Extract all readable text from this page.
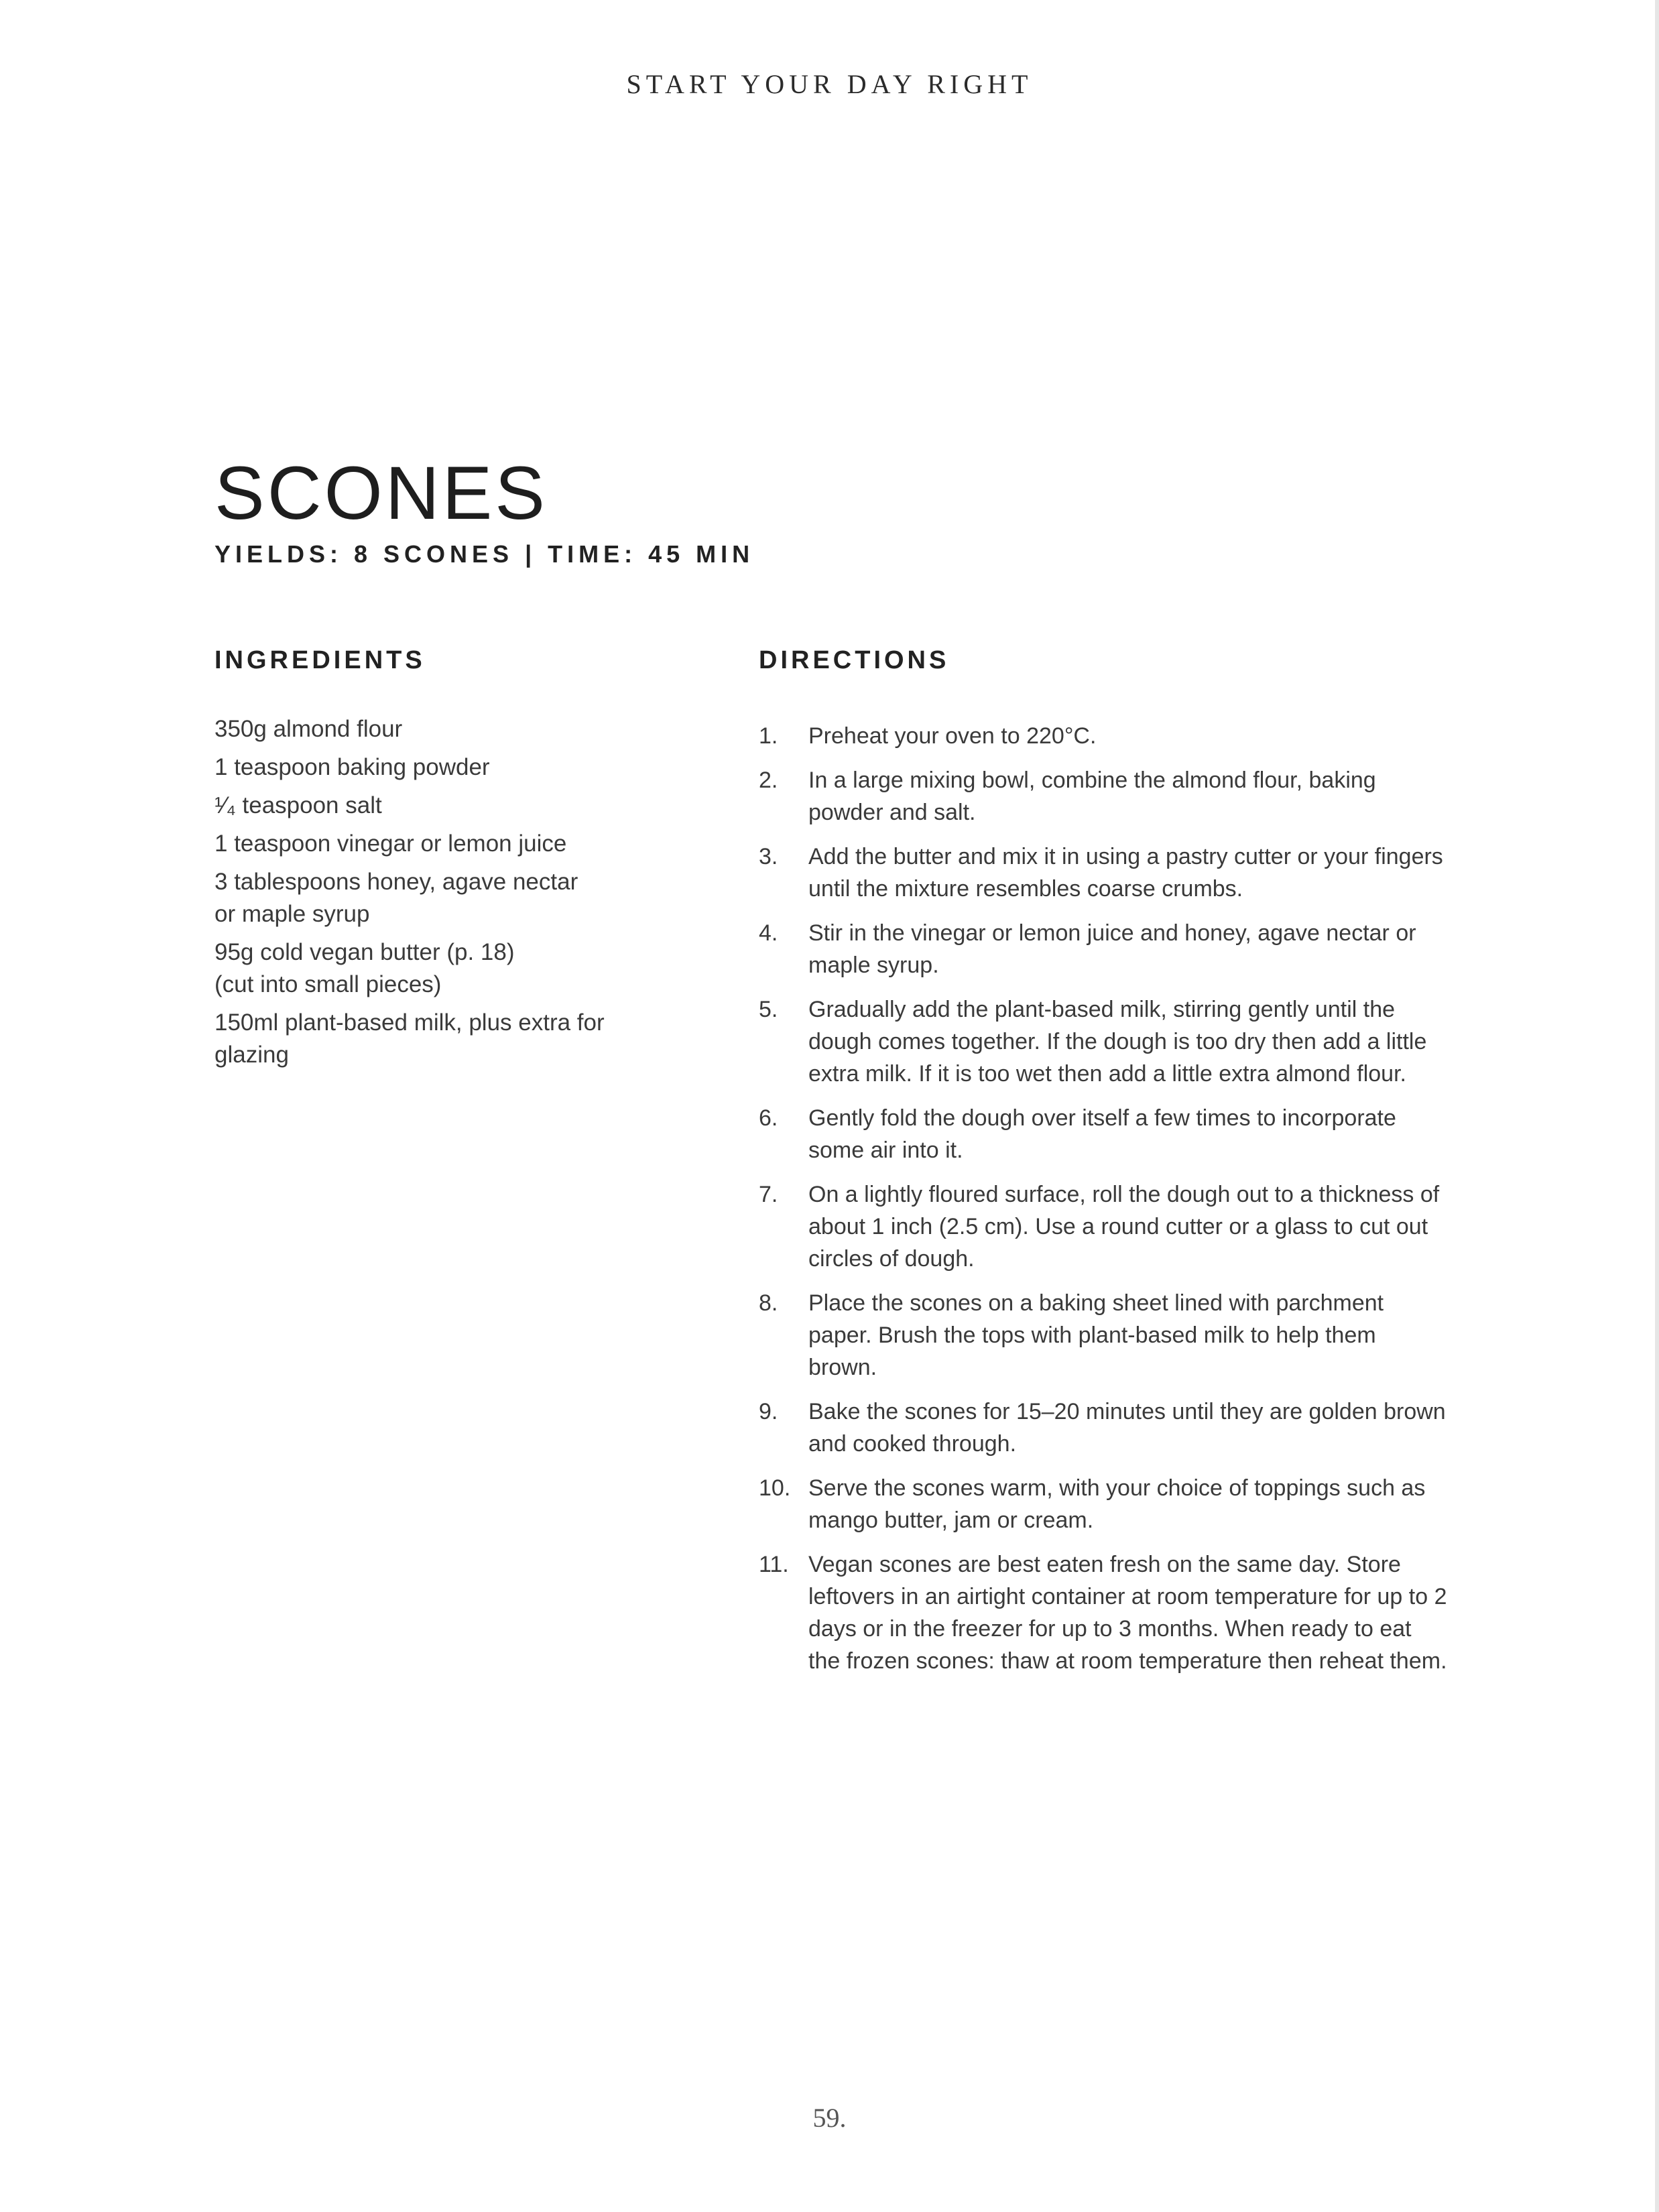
START YOUR DAY RIGHT
SCONES
YIELDS: 8 SCONES | TIME: 45 MIN
INGREDIENTS
350g almond flour
1 teaspoon baking powder
¹⁄₄ teaspoon salt
1 teaspoon vinegar or lemon juice
3 tablespoons honey, agave nectar
or maple syrup
95g cold vegan butter (p. 18)
(cut into small pieces)
150ml plant-based milk, plus extra for
glazing
DIRECTIONS
1. Preheat your oven to 220°C.
2. In a large mixing bowl, combine the almond flour, baking powder and salt.
3. Add the butter and mix it in using a pastry cutter or your fingers until the mixture resembles coarse crumbs.
4. Stir in the vinegar or lemon juice and honey, agave nectar or maple syrup.
5. Gradually add the plant-based milk, stirring gently until the dough comes together. If the dough is too dry then add a little extra milk. If it is too wet then add a little extra almond flour.
6. Gently fold the dough over itself a few times to incorporate some air into it.
7. On a lightly floured surface, roll the dough out to a thickness of about 1 inch (2.5 cm). Use a round cutter or a glass to cut out circles of dough.
8. Place the scones on a baking sheet lined with parchment paper. Brush the tops with plant-based milk to help them brown.
9. Bake the scones for 15–20 minutes until they are golden brown and cooked through.
10. Serve the scones warm, with your choice of toppings such as mango butter, jam or cream.
11. Vegan scones are best eaten fresh on the same day. Store leftovers in an airtight container at room temperature for up to 2 days or in the freezer for up to 3 months. When ready to eat the frozen scones: thaw at room temperature then reheat them.
59.
